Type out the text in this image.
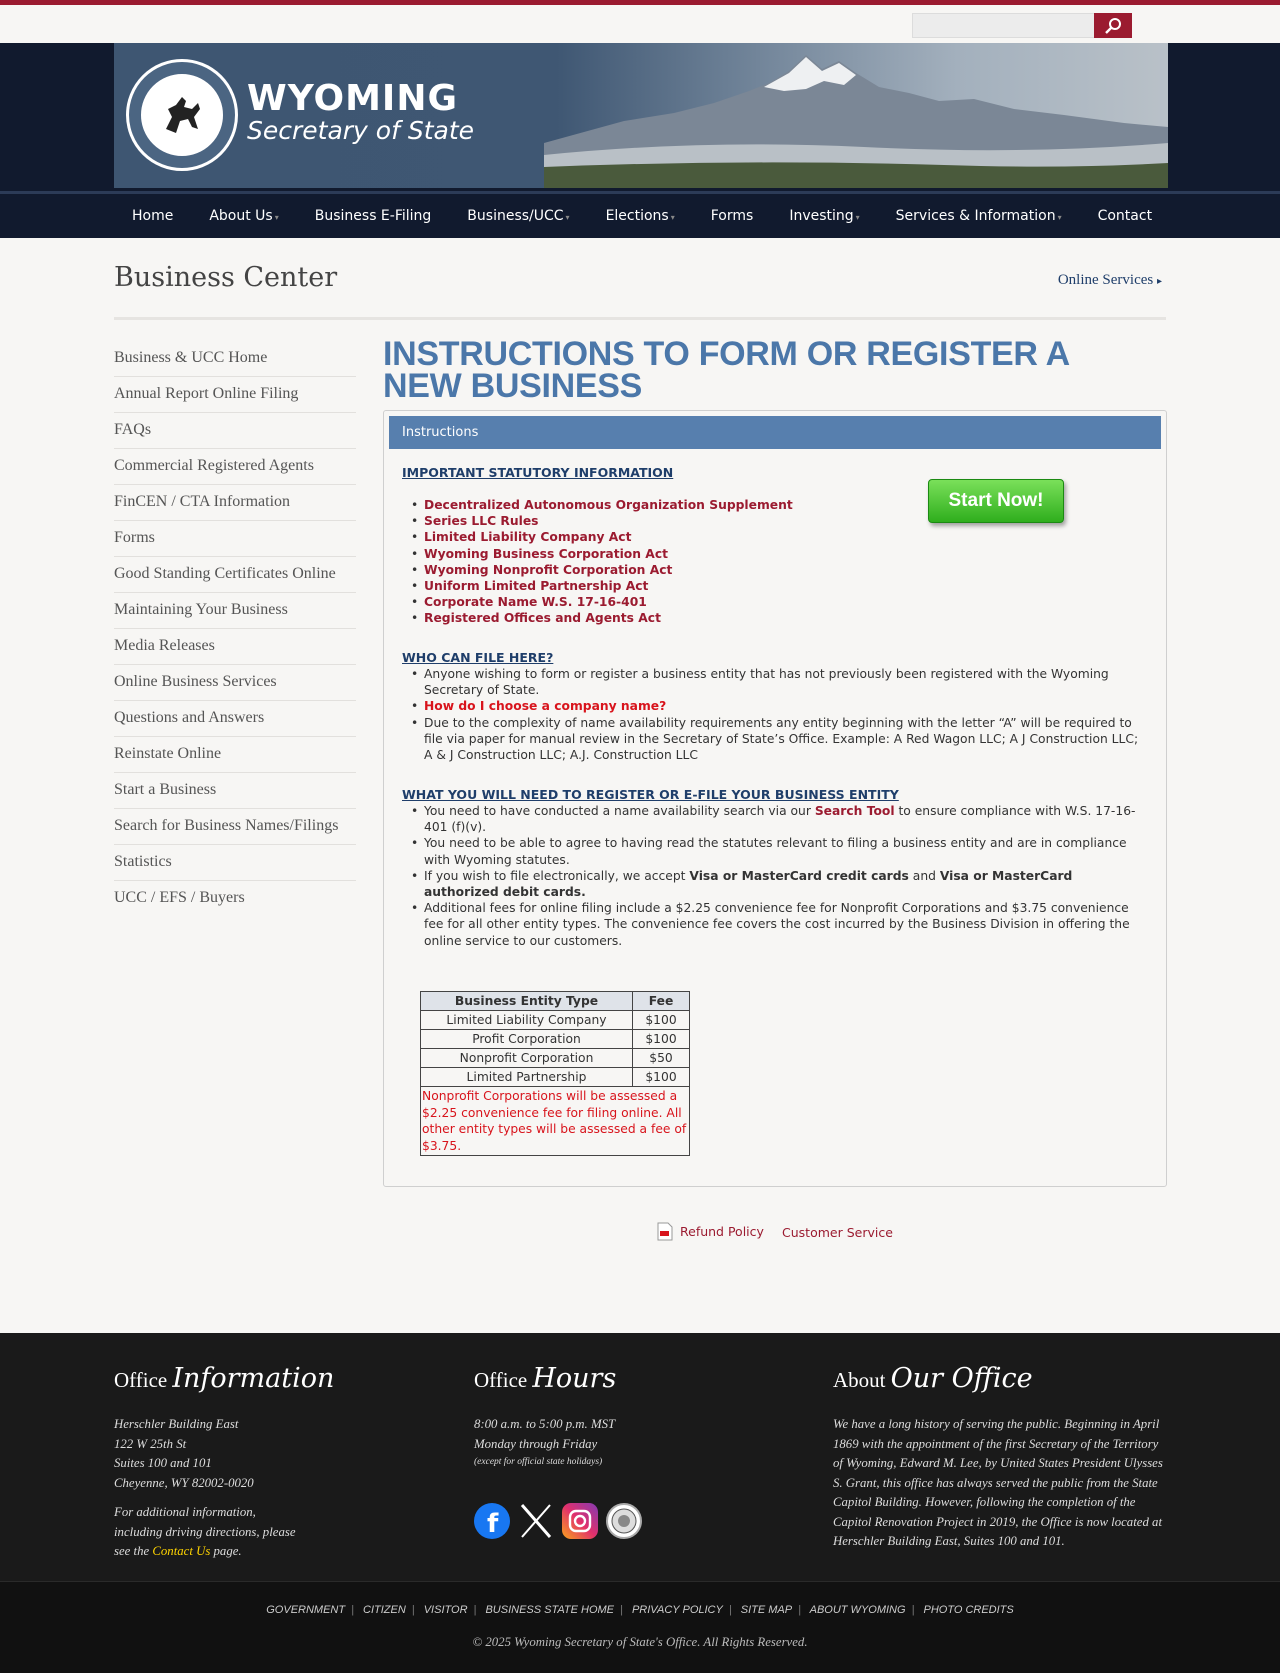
WYOMING
Secretary of State
Home	About Us ▾	Business E-Filing	Business/UCC ▾	Elections ▾	Forms	Investing ▾	Services & Information ▾	Contact
Business Center	Online Services ▸
Business & UCC Home
Annual Report Online Filing
FAQs
Commercial Registered Agents
FinCEN / CTA Information
Forms
Good Standing Certificates Online
Maintaining Your Business
Media Releases
Online Business Services
Questions and Answers
Reinstate Online
Start a Business
Search for Business Names/Filings
Statistics
UCC / EFS / Buyers
INSTRUCTIONS TO FORM OR REGISTER A NEW BUSINESS
Instructions
IMPORTANT STATUTORY INFORMATION
• Decentralized Autonomous Organization Supplement
• Series LLC Rules
• Limited Liability Company Act
• Wyoming Business Corporation Act
• Wyoming Nonprofit Corporation Act
• Uniform Limited Partnership Act
• Corporate Name W.S. 17-16-401
• Registered Offices and Agents Act
Start Now!
WHO CAN FILE HERE?
• Anyone wishing to form or register a business entity that has not previously been registered with the Wyoming Secretary of State.
• How do I choose a company name?
• Due to the complexity of name availability requirements any entity beginning with the letter “A” will be required to file via paper for manual review in the Secretary of State’s Office. Example: A Red Wagon LLC; A J Construction LLC; A & J Construction LLC; A.J. Construction LLC
WHAT YOU WILL NEED TO REGISTER OR E-FILE YOUR BUSINESS ENTITY
• You need to have conducted a name availability search via our Search Tool to ensure compliance with W.S. 17-16-401 (f)(v).
• You need to be able to agree to having read the statutes relevant to filing a business entity and are in compliance with Wyoming statutes.
• If you wish to file electronically, we accept Visa or MasterCard credit cards and Visa or MasterCard authorized debit cards.
• Additional fees for online filing include a $2.25 convenience fee for Nonprofit Corporations and $3.75 convenience fee for all other entity types. The convenience fee covers the cost incurred by the Business Division in offering the online service to our customers.
Business Entity Type	Fee
Limited Liability Company	$100
Profit Corporation	$100
Nonprofit Corporation	$50
Limited Partnership	$100
Nonprofit Corporations will be assessed a $2.25 convenience fee for filing online. All other entity types will be assessed a fee of $3.75.	
Refund Policy Customer Service
Office Information
Herschler Building East
122 W 25th St
Suites 100 and 101
Cheyenne, WY 82002-0020
For additional information, including driving directions, please see the Contact Us page.
Office Hours
8:00 a.m. to 5:00 p.m. MST
Monday through Friday
(except for official state holidays)
f
About Our Office
We have a long history of serving the public. Beginning in April 1869 with the appointment of the first Secretary of the Territory of Wyoming, Edward M. Lee, by United States President Ulysses S. Grant, this office has always served the public from the State Capitol Building. However, following the completion of the Capitol Renovation Project in 2019, the Office is now located at Herschler Building East, Suites 100 and 101.
GOVERNMENT | CITIZEN | VISITOR | BUSINESS STATE HOME | PRIVACY POLICY | SITE MAP | ABOUT WYOMING | PHOTO CREDITS
© 2025 Wyoming Secretary of State's Office. All Rights Reserved.
